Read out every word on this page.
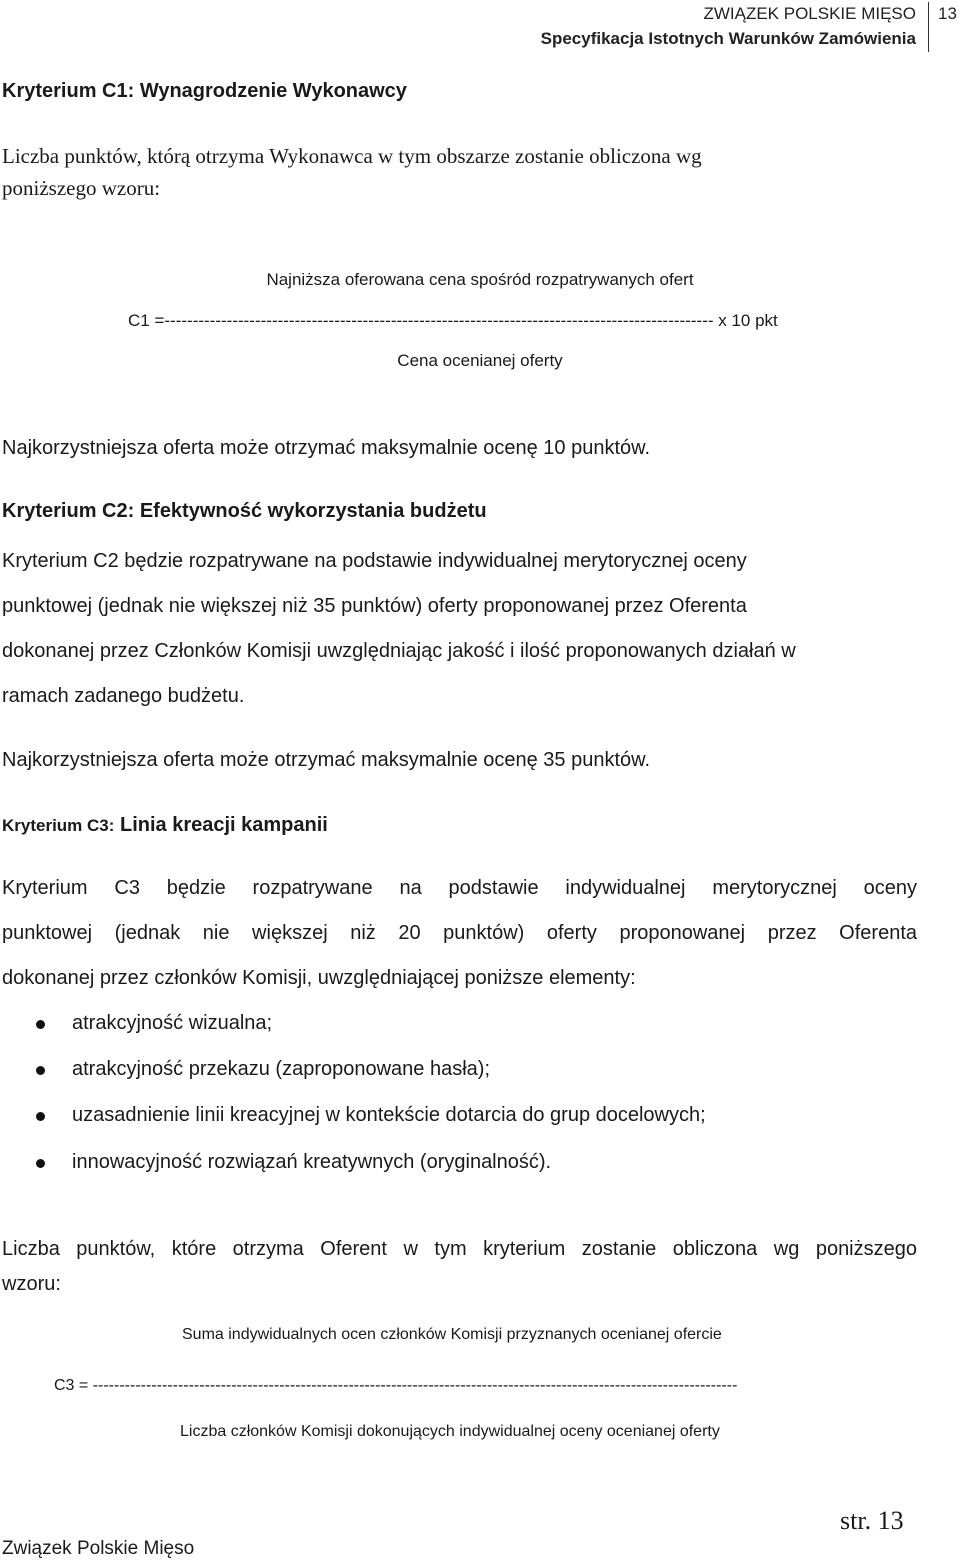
ZWIĄZEK POLSKIE MIĘSO
Specyfikacja Istotnych Warunków Zamówienia
13
Kryterium C1: Wynagrodzenie Wykonawcy
Liczba punktów, którą otrzyma Wykonawca w tym obszarze zostanie obliczona wg
poniższego wzoru:
Najniższa oferowana cena spośród rozpatrywanych ofert
C1 =------------------------------------------------------------------------------------------------- x 10 pkt
Cena ocenianej oferty
Najkorzystniejsza oferta może otrzymać maksymalnie ocenę 10 punktów.
Kryterium C2: Efektywność wykorzystania budżetu
Kryterium C2 będzie rozpatrywane na podstawie indywidualnej merytorycznej oceny
punktowej (jednak nie większej niż 35 punktów) oferty proponowanej przez Oferenta
dokonanej przez Członków Komisji uwzględniając jakość i ilość proponowanych działań w
ramach zadanego budżetu.
Najkorzystniejsza oferta może otrzymać maksymalnie ocenę 35 punktów.
Kryterium C3: Linia kreacji kampanii
Kryterium C3 będzie rozpatrywane na podstawie indywidualnej merytorycznej oceny
punktowej (jednak nie większej niż 20 punktów) oferty proponowanej przez Oferenta
dokonanej przez członków Komisji, uwzględniającej poniższe elementy:
atrakcyjność wizualna;
atrakcyjność przekazu (zaproponowane hasła);
uzasadnienie linii kreacyjnej w kontekście dotarcia do grup docelowych;
innowacyjność rozwiązań kreatywnych (oryginalność).
Liczba punktów, które otrzyma Oferent w tym kryterium zostanie obliczona wg poniższego
wzoru:
Suma indywidualnych ocen członków Komisji przyznanych ocenianej ofercie
C3 = -------------------------------------------------------------------------------------------------------------------------
Liczba członków Komisji dokonujących indywidualnej oceny ocenianej oferty
str. 13
Związek Polskie Mięso
